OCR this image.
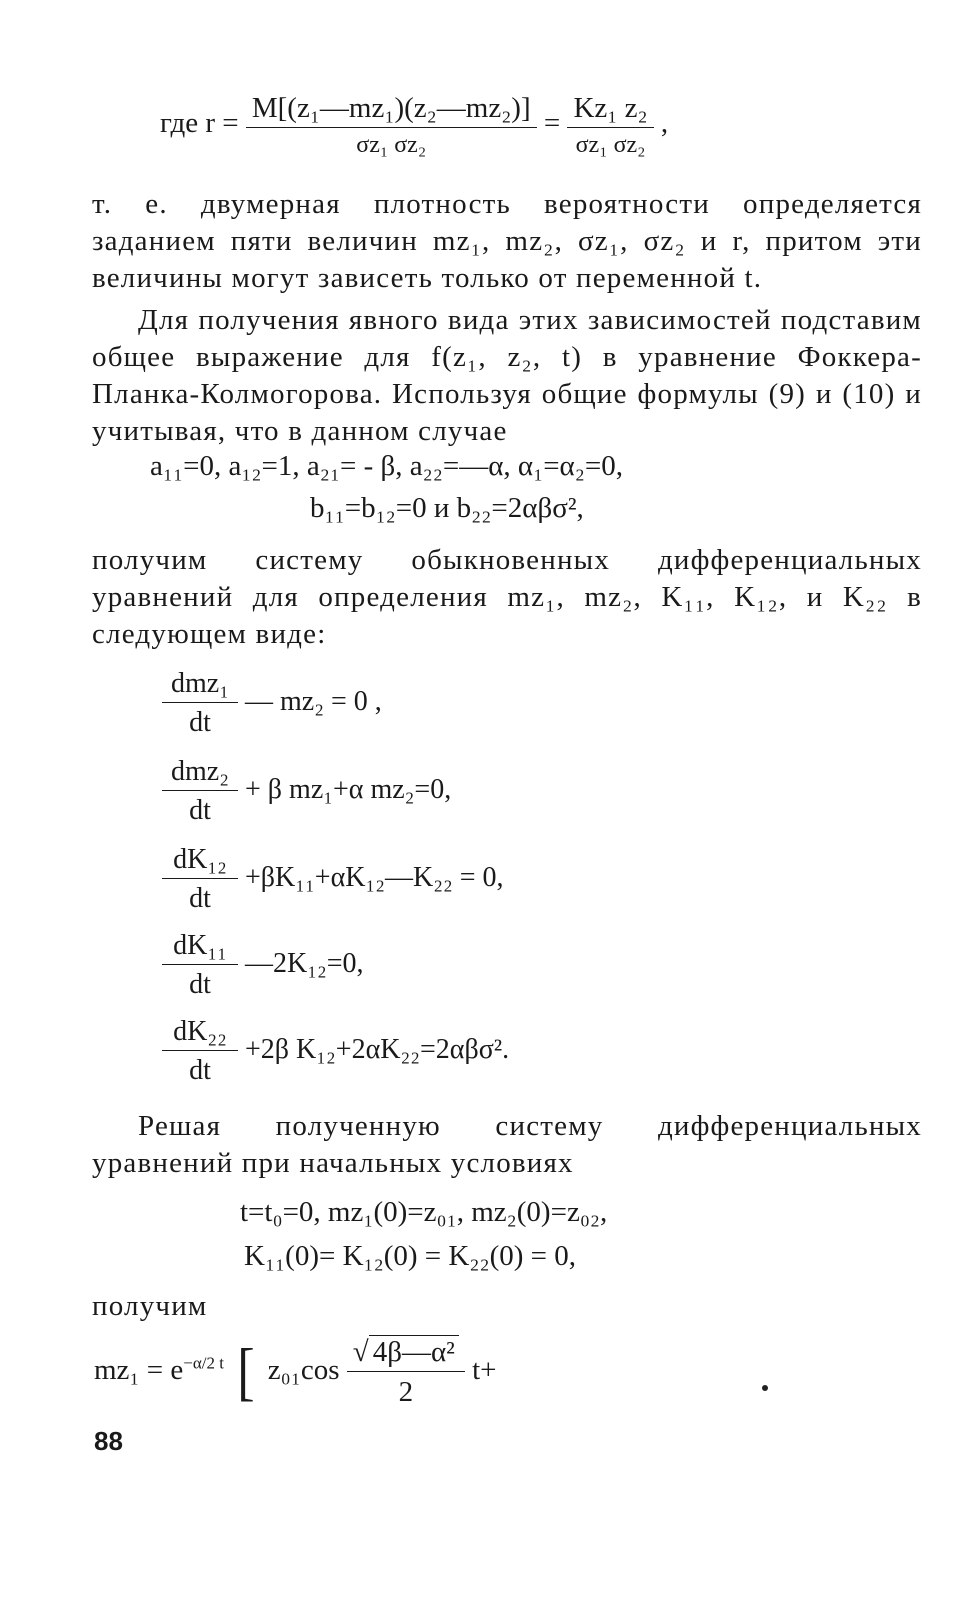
где $r = \frac{\text{M[(z₁—mz₁)(z₂—mz₂)]}}{\text{σz₁ σz₂}} = \frac{\text{Kz₁ z₂}}{\text{σz₁ σz₂}}$ ,
т. е. двумерная плотность вероятности определяется заданием пяти величин mz₁, mz₂, σz₁, σz₂ и r, притом эти величины могут зависеть только от переменной t.
Для получения явного вида этих зависимостей подставим общее выражение для f(z₁, z₂, t) в уравнение Фоккера-Планка-Колмогорова. Используя общие формулы (9) и (10) и учитывая, что в данном случае
a₁₁=0, a₁₂=1, a₂₁= - β, a₂₂=—α, α₁=α₂=0,
b₁₁=b₁₂=0 и b₂₂=2αβσ²,
получим систему обыкновенных дифференциальных уравнений для определения mz₁, mz₂, K₁₁, K₁₂, и K₂₂ в следующем виде:
$\frac{\text{dmz₁}}{dt}$ — mz₂ = 0 ,
$\frac{\text{dmz₂}}{dt} + \beta$ mz₁+α mz₂=0,
$\frac{\text{dK₁₂}}{dt}$ +βK₁₁+αK₁₂—K₂₂ = 0,
$\frac{\text{dK₁₁}}{dt}$ —2K₁₂=0,
$\frac{\text{dK₂₂}}{dt} +2\beta$ K₁₂+2αK₂₂=2αβσ².
Решая полученную систему дифференциальных уравнений при начальных условиях
t=t₀=0, mz₁(0)=z₀₁, mz₂(0)=z₀₂,
K₁₁(0)= K₁₂(0) = K₂₂(0) = 0,
получим
$mz_1 = e^{-\alpha/2 t}$ [ $z_{01}\cos \frac{\text{√ 4β—α²}}{2} t+$
88
